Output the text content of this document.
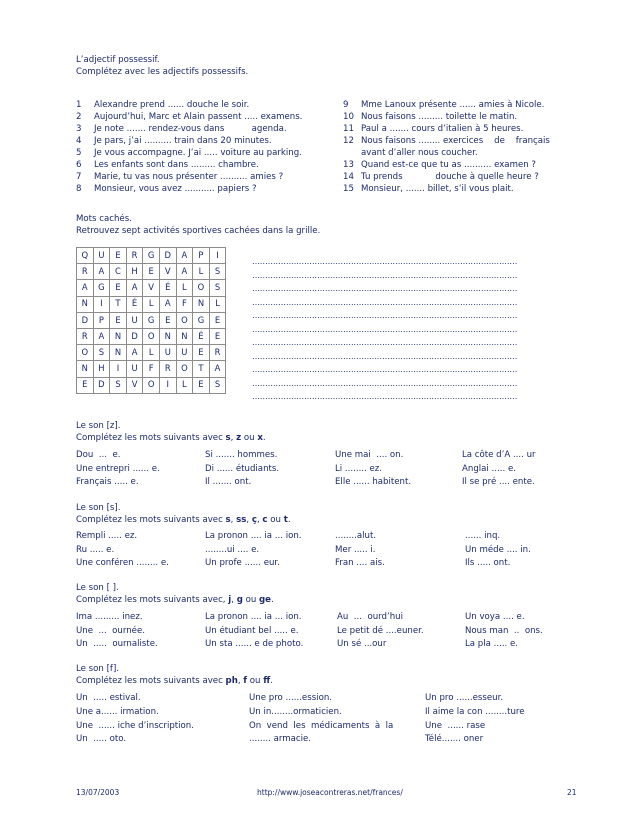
L’adjectif possessif.
Complétez avec les adjectifs possessifs.
1	Alexandre prend ...... douche le soir.
2	Aujourd’hui, Marc et Alain passent ..... examens.
3	Je note ....... rendez-vous dans          agenda.
4	Je pars, j’ai .......... train dans 20 minutes.
5	Je vous accompagne. J’ai ..... voiture au parking.
6	Les enfants sont dans ......... chambre.
7	Marie, tu vas nous présenter .......... amies ?
8	Monsieur, vous avez ........... papiers ?
9	Mme Lanoux présente ...... amies à Nicole.
10 Nous faisons ......... toilette le matin.
11 Paul a ....... cours d’italien à 5 heures.
12 Nous faisons ........ exercices    de    français
avant d’aller nous coucher.
13 Quand est-ce que tu as .......... examen ?
14 Tu prends            douche à quelle heure ?
15 Monsieur, ....... billet, s’il vous plait.
Mots cachés.
Retrouvez sept activités sportives cachées dans la grille.
Q	U	E	R	G	D	A	P	I
R	A	C	H	E	V	A	L	S
A	G	E	A	V	É	L	O	S
N	I	T	É	L	A	F	N	L
D	P	E	U	G	E	O	G	E
R	A	N	D	O	N	N	É	E
O	S	N	A	L	U	U	E	R
N	H	I	U	F	R	O	T	A
E	D	S	V	O	I	L	E	S
…………………………………………………………………………………………
…………………………………………………………………………………………
…………………………………………………………………………………………
…………………………………………………………………………………………
…………………………………………………………………………………………
…………………………………………………………………………………………
…………………………………………………………………………………………
…………………………………………………………………………………………
…………………………………………………………………………………………
…………………………………………………………………………………………
…………………………………………………………………………………………
Le son [z].
Complétez les mots suivants avec s, z ou x.
Dou  ...  e.	Si ....... hommes.	Une mai  .... on.	La côte d’A .... ur
Une entrepri ...... e.	Di ...... étudiants.	Li ........ ez.	Anglai ..... e.
Français ..... e.	Il ....... ont.	Elle ...... habitent.	Il se pré .... ente.
Le son [s].
Complétez les mots suivants avec s, ss, ç, c ou t.
Rempli ..... ez.	La pronon .... ia ... ion.	........alut.	...... inq.
Ru ..... e.	........ui .... e.	Mer ..... i.	Un méde .... in.
Une conféren ........ e.	Un profe ...... eur.	Fran .... ais.	Ils ..... ont.
Le son [ ].
Complétez les mots suivants avec, j, g ou ge.
Ima ......... inez.	La pronon .... ia ... ion.	Au  ...  ourd’hui	Un voya .... e.
Une  ...  ournée.	Un étudiant bel ..... e.	Le petit dé ....euner.	Nous man  ..  ons.
Un  .....  ournaliste.	Un sta ...... e de photo.	Un sé ...our	La pla ..... e.
Le son [f].
Complétez les mots suivants avec ph, f ou ff.
Un  ..... estival.	Une pro ......ession.	Un pro ......esseur.
Une a...... irmation.	Un in........ormaticien.	Il aime la con ........ture
Une  ...... iche d’inscription.	On  vend  les  médicaments  à  la	Une  ...... rase
Un  ..... oto.	........ armacie.	Télé....... oner
13/07/2003	http://www.joseacontreras.net/frances/	21
